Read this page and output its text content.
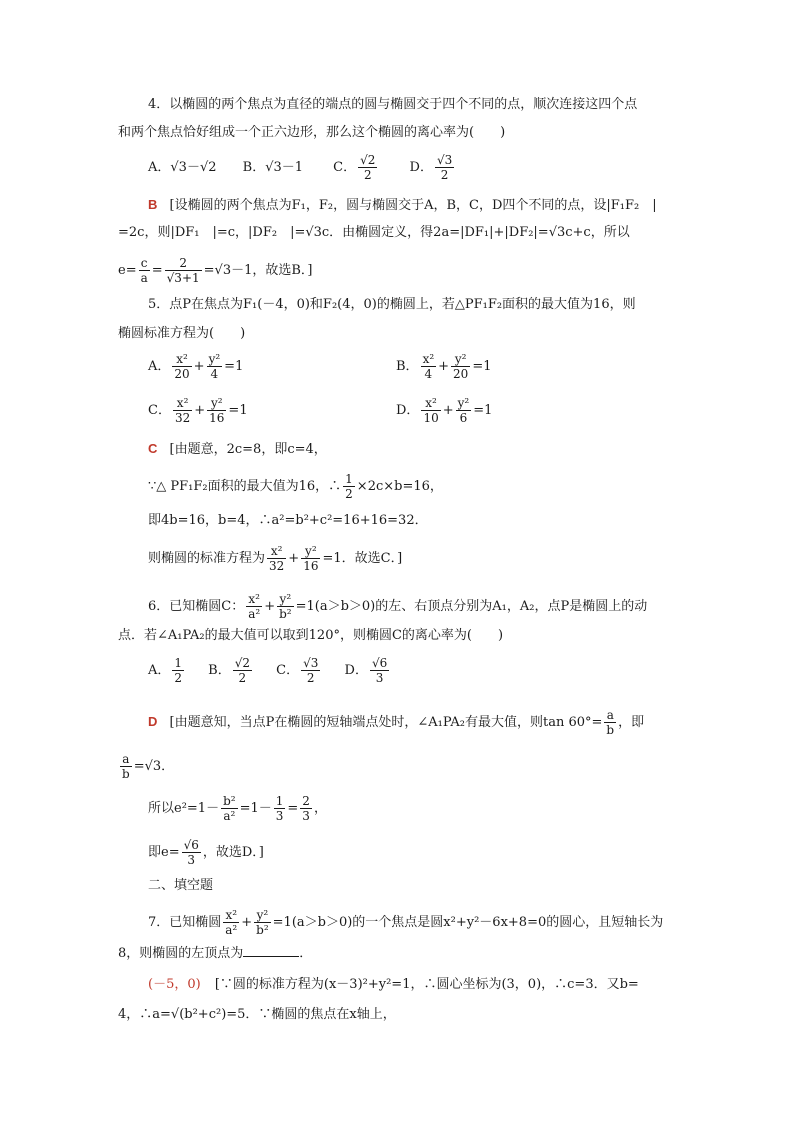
4．以椭圆的两个焦点为直径的端点的圆与椭圆交于四个不同的点，顺次连接这四个点
和两个焦点恰好组成一个正六边形，那么这个椭圆的离心率为(　　)
A．√3－√2 B．√3－1 C． $\frac{√2}{2}$ D． $\frac{√3}{2}$
B [设椭圆的两个焦点为F₁，F₂，圆与椭圆交于A，B，C，D四个不同的点，设|F₁F₂　|
=2c，则|DF₁　|=c，|DF₂　|=√3c．由椭圆定义，得2a=|DF₁|+|DF₂|=√3c+c，所以
$e= \frac{c}{a} = \frac{2}{√3+1} =√3-1$，故选B．]
5．点P在焦点为F₁(－4，0)和F₂(4，0)的椭圆上，若△PF₁F₂面积的最大值为16，则
椭圆标准方程为(　　)
A． $\frac{\text{x²}}{20} + \frac{\text{y²}}{4} =1$	B． $\frac{\text{x²}}{4} + \frac{\text{y²}}{20} =1$
C． $\frac{\text{x²}}{32} + \frac{\text{y²}}{16} =1$	D． $\frac{\text{x²}}{10} + \frac{\text{y²}}{6} =1$
C [由题意，2c=8，即c=4，
∵△ PF₁F₂面积的最大值为16，∴ $\frac{1}{2} \times 2c\times b=16$，
即4b=16，b=4，∴a²=b²+c²=16+16=32．
则椭圆的标准方程为 $\frac{\text{x²}}{32} + \frac{\text{y²}}{16} =1$．故选C．]
6．已知椭圆C： $\frac{\text{x²}}{\text{a²}} + \frac{\text{y²}}{\text{b²}} =1(a>b>0)$的左、右顶点分别为A₁，A₂，点P是椭圆上的动
点．若∠A₁PA₂的最大值可以取到120°，则椭圆C的离心率为(　　)
A． $\frac{1}{2}$ B． $\frac{√2}{2}$ C． $\frac{√3}{2}$ D． $\frac{√6}{3}$
D [由题意知，当点P在椭圆的短轴端点处时，∠A₁PA₂有最大值，则$\tan 60^\circ= \frac{a}{b}$ ，即
$\frac{a}{b} =√3$．
所以$e^2=1- \frac{\text{b²}}{\text{a²}} =1- \frac{1}{3} = \frac{2}{3}$ ，
即$e= \frac{√6}{3}$ ，故选D．]
二、填空题
7．已知椭圆 $\frac{\text{x²}}{\text{a²}} + \frac{\text{y²}}{\text{b²}} =1(a>b>0)$的一个焦点是圆x²+y²－6x+8=0的圆心，且短轴长为
8，则椭圆的左顶点为	．
(－5，0) [∵圆的标准方程为(x－3)²+y²=1，∴圆心坐标为(3，0)，∴c=3．又b=
4，∴a=√(b²+c²)=5．∵椭圆的焦点在x轴上，
